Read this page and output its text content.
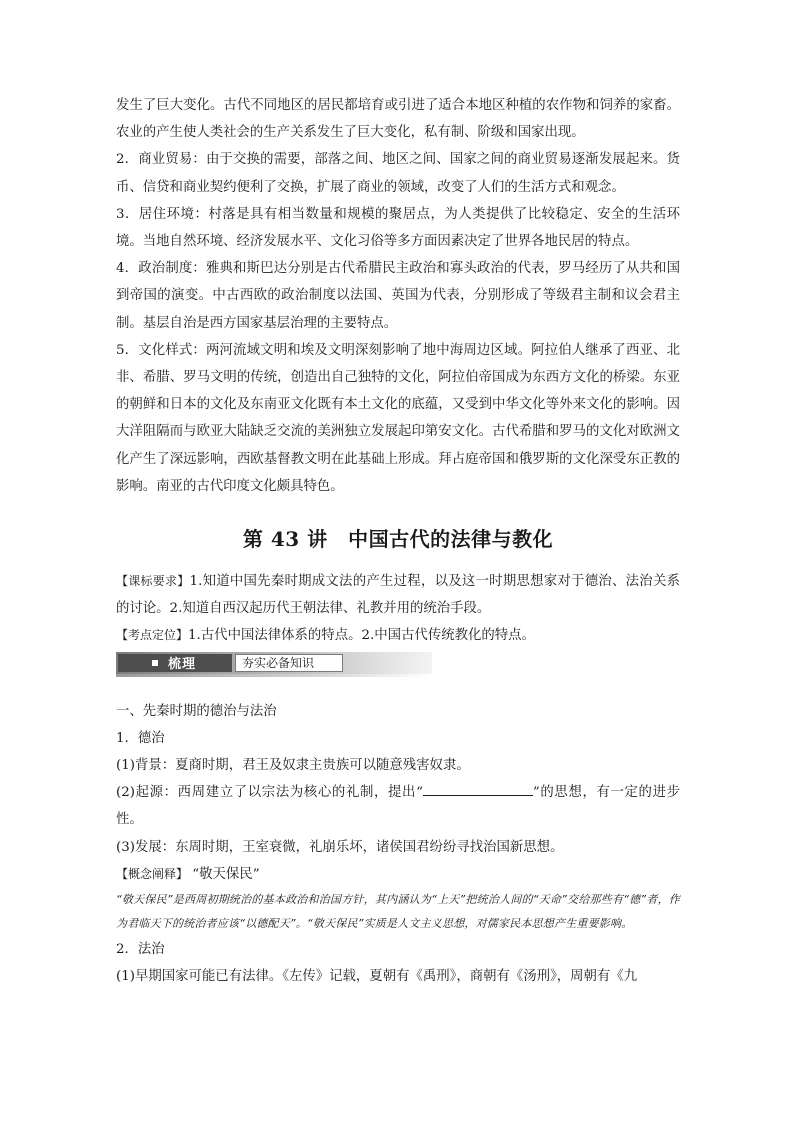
发生了巨大变化。古代不同地区的居民都培育或引进了适合本地区种植的农作物和饲养的家畜。农业的产生使人类社会的生产关系发生了巨大变化，私有制、阶级和国家出现。

2．商业贸易：由于交换的需要，部落之间、地区之间、国家之间的商业贸易逐渐发展起来。货币、信贷和商业契约便利了交换，扩展了商业的领域，改变了人们的生活方式和观念。

3．居住环境：村落是具有相当数量和规模的聚居点，为人类提供了比较稳定、安全的生活环境。当地自然环境、经济发展水平、文化习俗等多方面因素决定了世界各地民居的特点。

4．政治制度：雅典和斯巴达分别是古代希腊民主政治和寡头政治的代表，罗马经历了从共和国到帝国的演变。中古西欧的政治制度以法国、英国为代表，分别形成了等级君主制和议会君主制。基层自治是西方国家基层治理的主要特点。

5．文化样式：两河流域文明和埃及文明深刻影响了地中海周边区域。阿拉伯人继承了西亚、北非、希腊、罗马文明的传统，创造出自己独特的文化，阿拉伯帝国成为东西方文化的桥梁。东亚的朝鲜和日本的文化及东南亚文化既有本土文化的底蕴，又受到中华文化等外来文化的影响。因大洋阻隔而与欧亚大陆缺乏交流的美洲独立发展起印第安文化。古代希腊和罗马的文化对欧洲文化产生了深远影响，西欧基督教文明在此基础上形成。拜占庭帝国和俄罗斯的文化深受东正教的影响。南亚的古代印度文化颇具特色。

第 43 讲　中国古代的法律与教化

【课标要求】1.知道中国先秦时期成文法的产生过程，以及这一时期思想家对于德治、法治关系的讨论。2.知道自西汉起历代王朝法律、礼教并用的统治手段。

【考点定位】1.古代中国法律体系的特点。2.中国古代传统教化的特点。

梳理	夯实必备知识

一、先秦时期的德治与法治

1．德治

(1)背景：夏商时期，君王及奴隶主贵族可以随意残害奴隶。

(2)起源：西周建立了以宗法为核心的礼制，提出“	”的思想，有一定的进步性。

(3)发展：东周时期，王室衰微，礼崩乐坏，诸侯国君纷纷寻找治国新思想。

【概念阐释】 “敬天保民”

“敬天保民”是西周初期统治的基本政治和治国方针，其内涵认为“上天”把统治人间的“天命”交给那些有“德”者，作为君临天下的统治者应该“以德配天”。“敬天保民”实质是人文主义思想，对儒家民本思想产生重要影响。

2．法治

(1)早期国家可能已有法律。《左传》记载，夏朝有《禹刑》，商朝有《汤刑》，周朝有《九
